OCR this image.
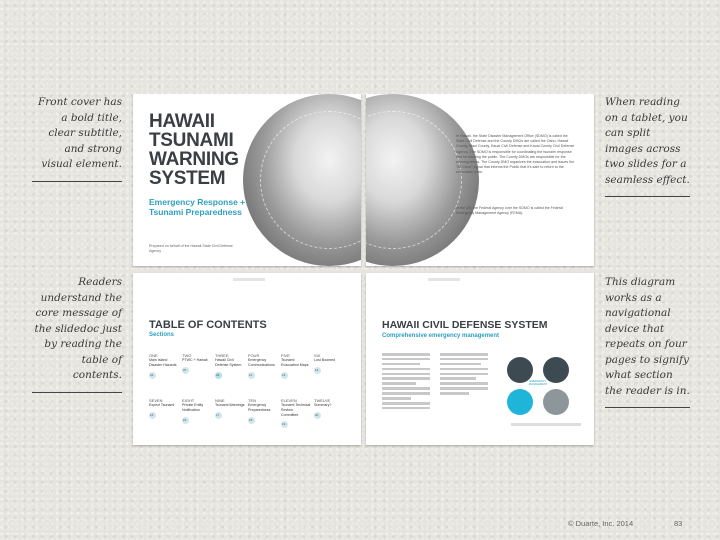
Front cover has a bold title, clear subtitle, and strong visual element.
Readers understand the core message of the slidedoc just by reading the table of contents.
When reading on a tablet, you can split images across two slides for a seamless effect.
This diagram works as a navigational device that repeats on four pages to signify what section the reader is in.
HAWAII
TSUNAMI
WARNING
SYSTEM
Emergency Response +
Tsunami Preparedness
Prepared on behalf of the Hawaii State Civil Defense Agency
In Hawaii, the State Disaster Management Office (SDMO) is called the State Civil Defense and the County DMOs are called the Oahu, Hawaii County, Maui County, Kauai Civil Defense and Kauai County Civil Defense Agency. The SDMO is responsible for coordinating the tsunami response and for warning the public. The County DMOs are responsible for the warning sirens. The County DMO organizes the evacuation and issues the "All-Clear" signal that informs the Public that it's safe to return to the evacuation zone.
In the US, the Federal Agency over the SDMO is called the Federal Emergency Management Agency (FEMA).
TABLE OF CONTENTS
Sections
ONE
Main Island Disaster Hazards
04
TWO
PTWC + Hawaii
07
THREE
Hawaii Civil Defense System
09
FOUR
Emergency Communications
11
FIVE
Tsunami Evacuation Maps
13
SIX
Lost Boomed
14
SEVEN
Expect Tsunami
15
EIGHT
Private Entity Notification
16
NINE
Tsunami Warnings
17
TEN
Emergency Preparedness
18
ELEVEN
Tsunami Technical Review Committee
19
TWELVE
Summary?
20
HAWAII CIVIL DEFENSE SYSTEM
Comprehensive emergency management
EMERGENCY MANAGEMENT
© Duarte, Inc. 2014	83
